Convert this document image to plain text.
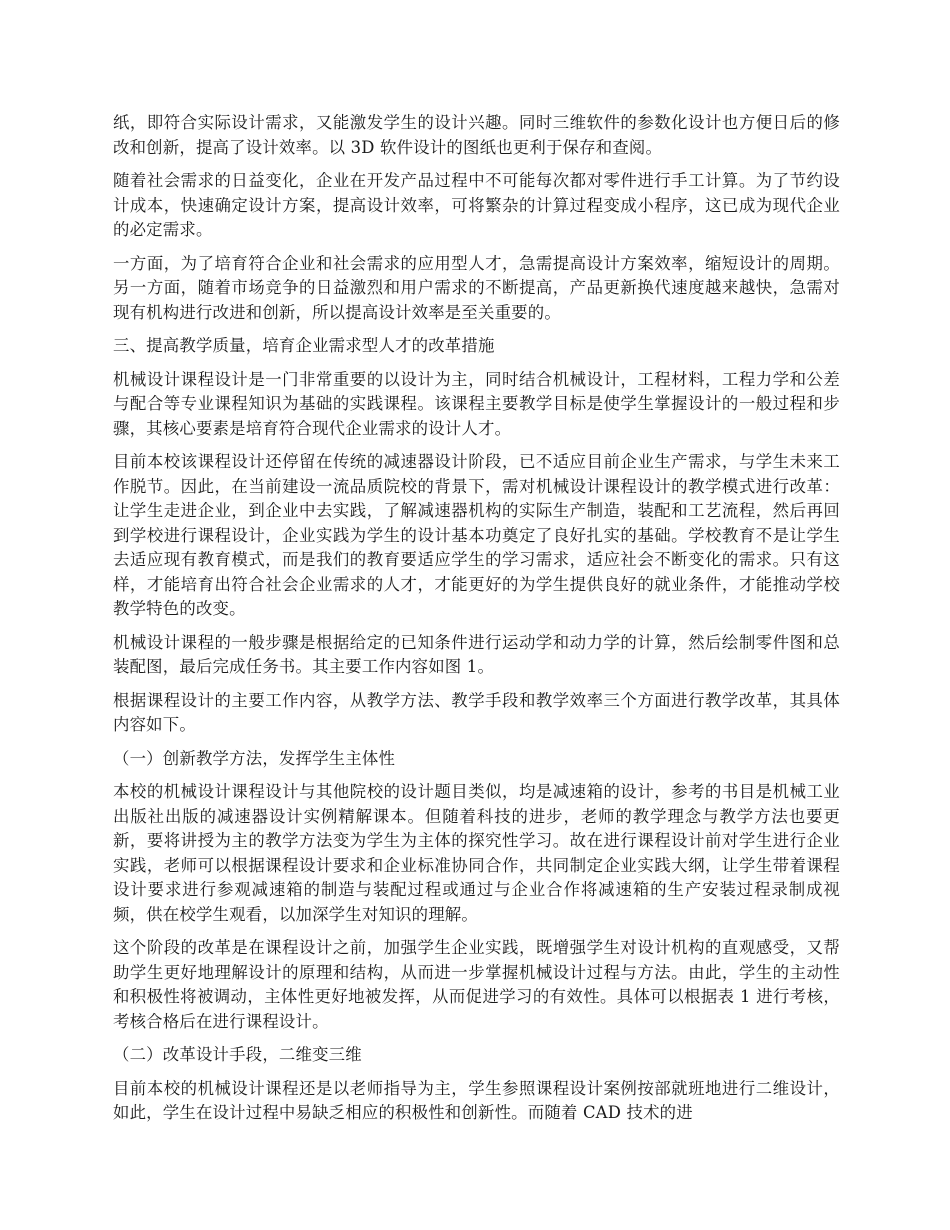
纸，即符合实际设计需求，又能激发学生的设计兴趣。同时三维软件的参数化设计也方便日后的修改和创新，提高了设计效率。以 3D 软件设计的图纸也更利于保存和查阅。

随着社会需求的日益变化，企业在开发产品过程中不可能每次都对零件进行手工计算。为了节约设计成本，快速确定设计方案，提高设计效率，可将繁杂的计算过程变成小程序，这已成为现代企业的必定需求。

一方面，为了培育符合企业和社会需求的应用型人才，急需提高设计方案效率，缩短设计的周期。另一方面，随着市场竞争的日益激烈和用户需求的不断提高，产品更新换代速度越来越快，急需对现有机构进行改进和创新，所以提高设计效率是至关重要的。

三、提高教学质量，培育企业需求型人才的改革措施

机械设计课程设计是一门非常重要的以设计为主，同时结合机械设计，工程材料，工程力学和公差与配合等专业课程知识为基础的实践课程。该课程主要教学目标是使学生掌握设计的一般过程和步骤，其核心要素是培育符合现代企业需求的设计人才。

目前本校该课程设计还停留在传统的减速器设计阶段，已不适应目前企业生产需求，与学生未来工作脱节。因此，在当前建设一流品质院校的背景下，需对机械设计课程设计的教学模式进行改革：让学生走进企业，到企业中去实践，了解减速器机构的实际生产制造，装配和工艺流程，然后再回到学校进行课程设计，企业实践为学生的设计基本功奠定了良好扎实的基础。学校教育不是让学生去适应现有教育模式，而是我们的教育要适应学生的学习需求，适应社会不断变化的需求。只有这样，才能培育出符合社会企业需求的人才，才能更好的为学生提供良好的就业条件，才能推动学校教学特色的改变。

机械设计课程的一般步骤是根据给定的已知条件进行运动学和动力学的计算，然后绘制零件图和总装配图，最后完成任务书。其主要工作内容如图 1。

根据课程设计的主要工作内容，从教学方法、教学手段和教学效率三个方面进行教学改革，其具体内容如下。

（一）创新教学方法，发挥学生主体性

本校的机械设计课程设计与其他院校的设计题目类似，均是减速箱的设计，参考的书目是机械工业出版社出版的减速器设计实例精解课本。但随着科技的进步，老师的教学理念与教学方法也要更新，要将讲授为主的教学方法变为学生为主体的探究性学习。故在进行课程设计前对学生进行企业实践，老师可以根据课程设计要求和企业标准协同合作，共同制定企业实践大纲，让学生带着课程设计要求进行参观减速箱的制造与装配过程或通过与企业合作将减速箱的生产安装过程录制成视频，供在校学生观看，以加深学生对知识的理解。

这个阶段的改革是在课程设计之前，加强学生企业实践，既增强学生对设计机构的直观感受，又帮助学生更好地理解设计的原理和结构，从而进一步掌握机械设计过程与方法。由此，学生的主动性和积极性将被调动，主体性更好地被发挥，从而促进学习的有效性。具体可以根据表 1 进行考核，考核合格后在进行课程设计。

（二）改革设计手段，二维变三维

目前本校的机械设计课程还是以老师指导为主，学生参照课程设计案例按部就班地进行二维设计，如此，学生在设计过程中易缺乏相应的积极性和创新性。而随着 CAD 技术的进
